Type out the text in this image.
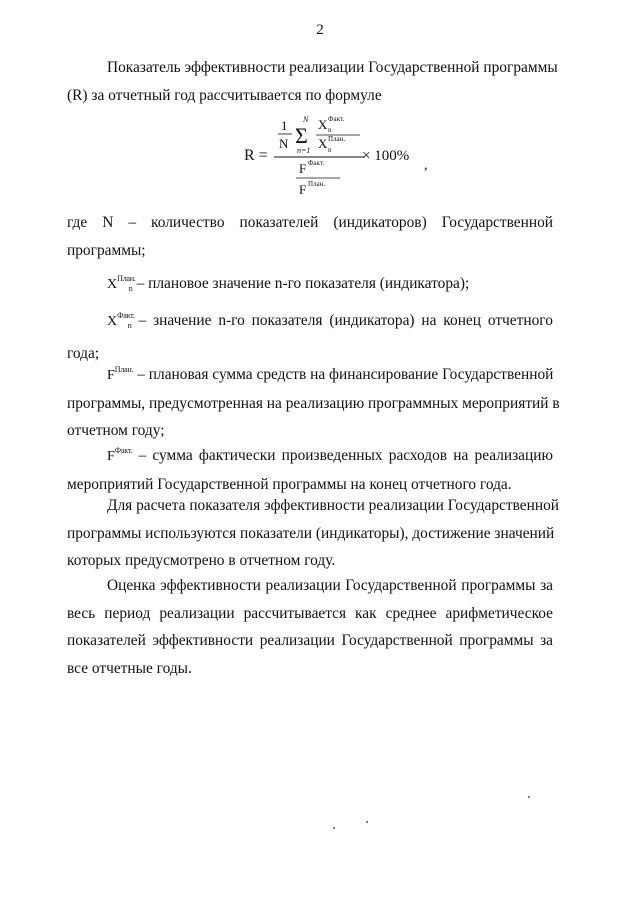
2
Показатель эффективности реализации Государственной программы
(R) за отчетный год рассчитывается по формуле
R =
1
N
N
Σ
n=1
X Факт.
n
X План.
n
F Факт.
F План.
× 100%
,
где N – количество показателей (индикаторов) Государственной
программы;
$X^{План.}_n$ – плановое значение n-го показателя (индикатора);
$X^{Факт.}_n$ – значение n-го показателя (индикатора) на конец отчетного
года;
$F^{План.}$ – плановая сумма средств на финансирование Государственной
программы, предусмотренная на реализацию программных мероприятий в
отчетном году;
$F^{Факт.}$ – сумма фактически произведенных расходов на реализацию
мероприятий Государственной программы на конец отчетного года.
Для расчета показателя эффективности реализации Государственной
программы используются показатели (индикаторы), достижение значений
которых предусмотрено в отчетном году.
Оценка эффективности реализации Государственной программы за
весь период реализации рассчитывается как среднее арифметическое
показателей эффективности реализации Государственной программы за
все отчетные годы.
